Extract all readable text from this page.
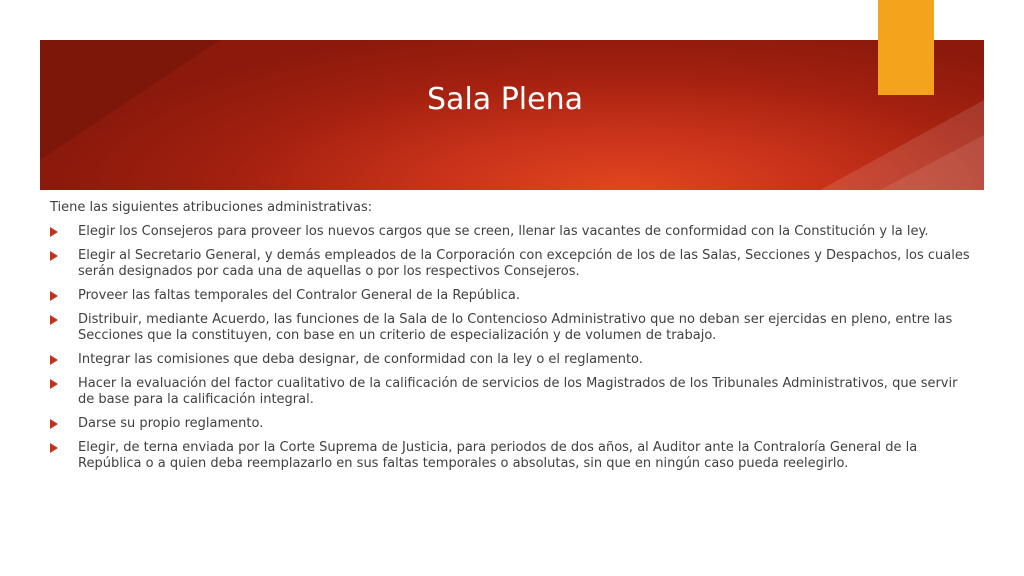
Sala Plena

Tiene las siguientes atribuciones administrativas:

Elegir los Consejeros para proveer los nuevos cargos que se creen, llenar las vacantes de conformidad con la Constitución y la ley.
Elegir al Secretario General, y demás empleados de la Corporación con excepción de los de las Salas, Secciones y Despachos, los cuales serán designados por cada una de aquellas o por los respectivos Consejeros.
Proveer las faltas temporales del Contralor General de la República.
Distribuir, mediante Acuerdo, las funciones de la Sala de lo Contencioso Administrativo que no deban ser ejercidas en pleno, entre las Secciones que la constituyen, con base en un criterio de especialización y de volumen de trabajo.
Integrar las comisiones que deba designar, de conformidad con la ley o el reglamento.
Hacer la evaluación del factor cualitativo de la calificación de servicios de los Magistrados de los Tribunales Administrativos, que servir de base para la calificación integral.
Darse su propio reglamento.
Elegir, de terna enviada por la Corte Suprema de Justicia, para periodos de dos años, al Auditor ante la Contraloría General de la República o a quien deba reemplazarlo en sus faltas temporales o absolutas, sin que en ningún caso pueda reelegirlo.
